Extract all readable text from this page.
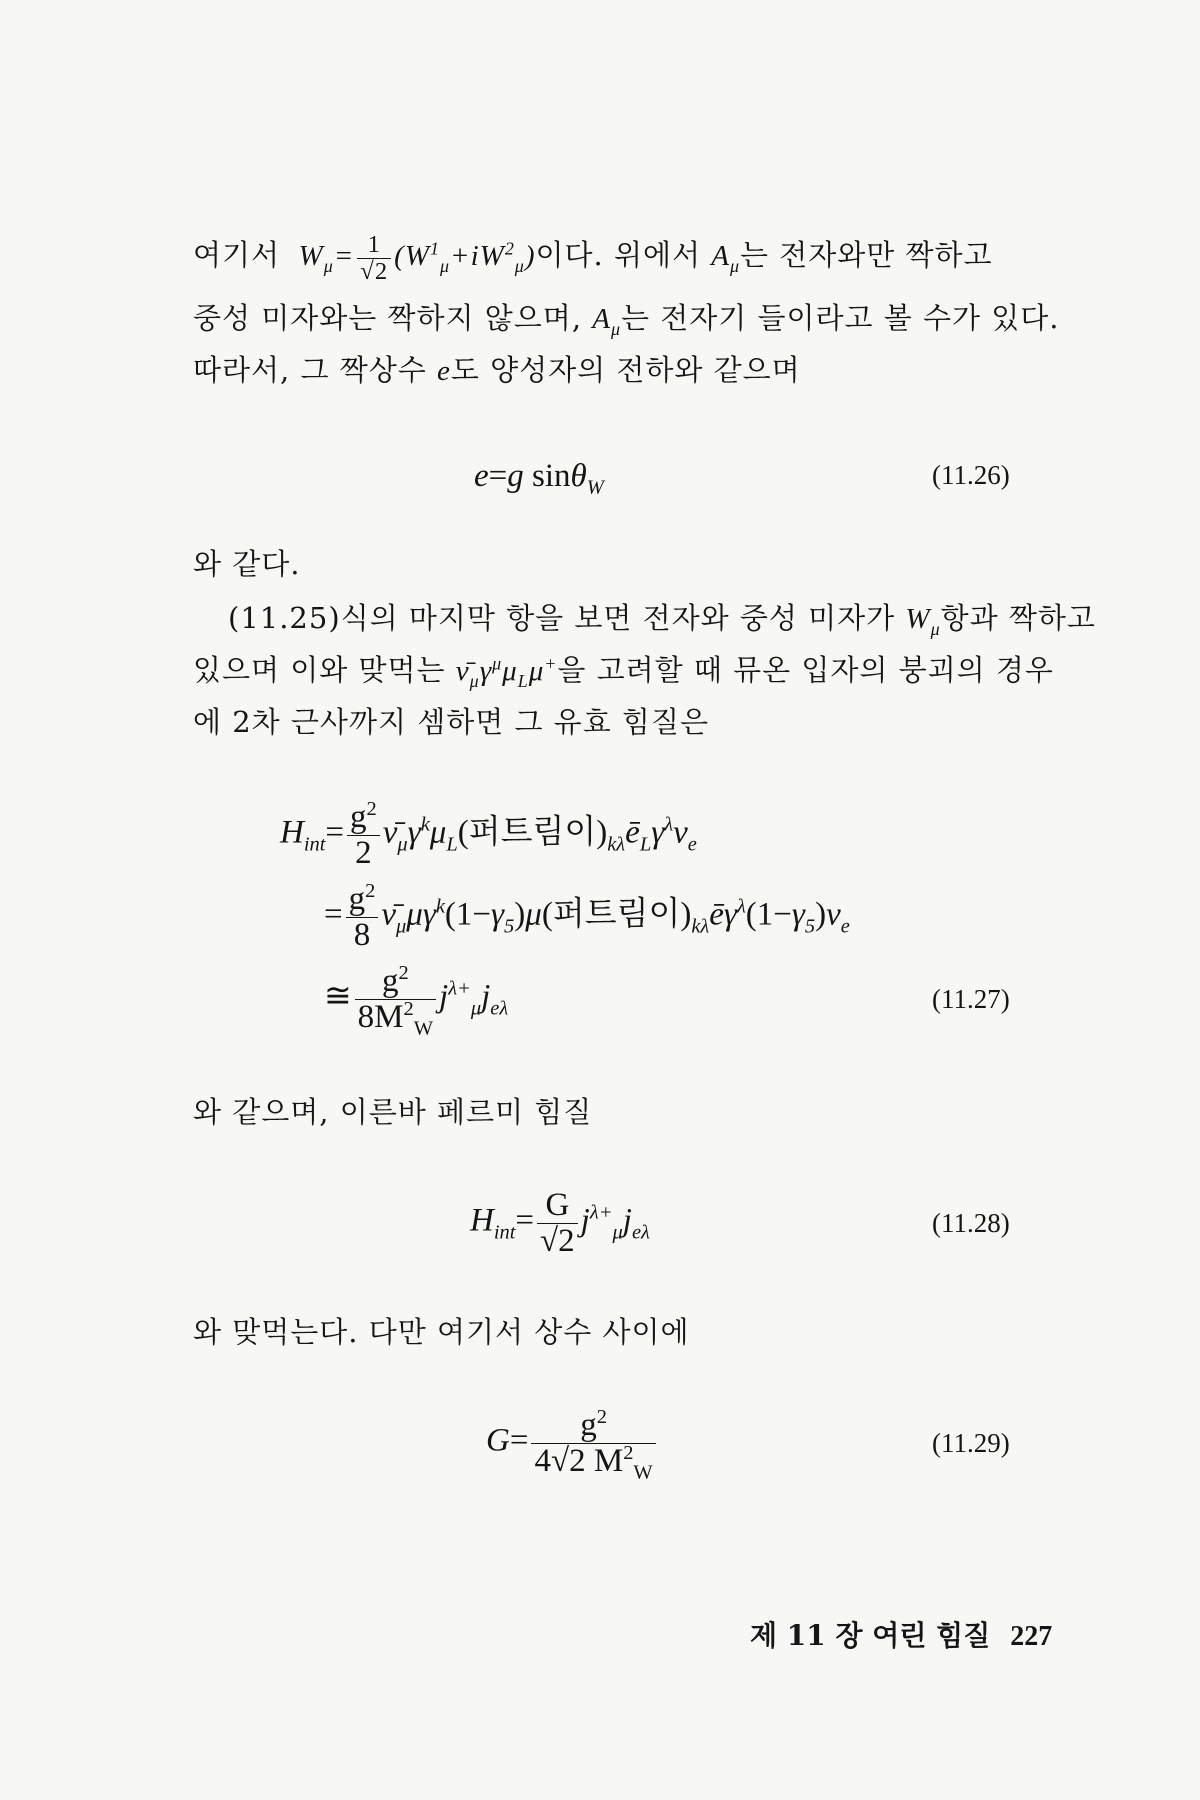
여기서  $W_\mu= \frac{1}{√2} (W^1_\mu+iW^2_\mu)$이다. 위에서 $A_\mu$는 전자와만 짝하고
중성 미자와는 짝하지 않으며, $A_\mu$는 전자기 들이라고 볼 수가 있다.
따라서, 그 짝상수 e도 양성자의 전하와 같으며
e=g sinθ$_W$	(11.26)
와 같다.
(11.25)식의 마지막 항을 보면 전자와 중성 미자가 $W_\mu$항과 짝하고
있으며 이와 맞먹는 $\nū_\mu\gamma^\mu\mu_L\mu^+$을 고려할 때 뮤온 입자의 붕괴의 경우
에 2차 근사까지 셈하면 그 유효 힘질은
$H_{int}= \frac{g^2}{2}$ $\nū_\mu\gamma^k\mu_L$(퍼트림이)$_{k\lambda}ē_L\gamma^\lambda\nu_e$
= $\frac{g^2}{8}$ $\nū_\mu\mu\gamma^k(1-\gamma_5)\mu$(퍼트림이)$_{k\lambda}ē\gamma^\lambda(1-\gamma_5)\nu_e$
≅ $\frac{g^2}{8M^2_W} j^{\lambda+}_\mu j_{e\lambda}$	(11.27)
와 같으며, 이른바 페르미 힘질
$H_{int}= \frac{G}{√2} j^{\lambda+}_\mu j_{e\lambda}$	(11.28)
와 맞먹는다. 다만 여기서 상수 사이에
$G= \frac{g^2}{4√2 M^2_W}$	(11.29)
제 11 장 여린 힘질 227
